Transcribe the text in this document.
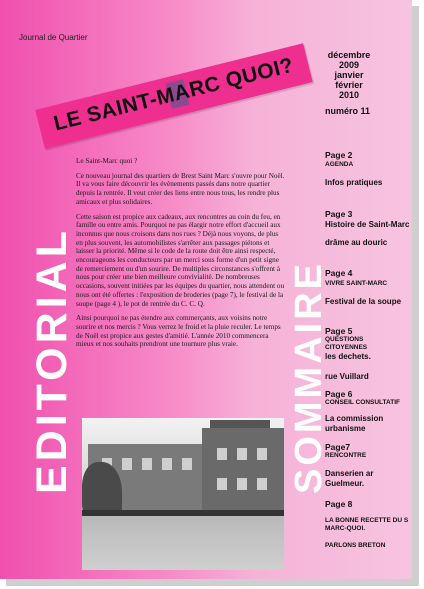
Journal de Quartier
LE SAINT-MARC QUOI?	décembre
2009
janvier
février
2010
numéro 11
EDITORIAL

Le Saint-Marc quoi ?

Ce nouveau journal des quartiers de Brest Saint Marc s'ouvre pour Noël. Il va vous faire découvrir les évènements passés dans notre quartier depuis la rentrée. Il veut créer des liens entre nous tous, les rendre plus amicaux et plus solidaires.

Cette saison est propice aux cadeaux, aux rencontres au coin du feu, en famille ou entre amis. Pourquoi ne pas élargir notre effort d'accueil aux inconnus que nous croisons dans nos rues ? Déjà nous voyons, de plus en plus souvent, les automobilistes s'arrêter aux passages piétons et laisser la priorité. Même si le code de la route doit être ainsi respecté, encourageons les conducteurs par un merci sous forme d'un petit signe de remerciement ou d'un sourire. De multiples circonstances s'offrent à nous pour créer une bien meilleure convivialité. De nombreuses occasions, souvent initiées par les équipes du quartier, nous attendent ou nous ont été offertes : l'exposition de broderies (page 7), le festival de la soupe (page 4 ), le pot de rentrée du C. C. Q.

Ainsi pourquoi ne pas étendre aux commerçants, aux voisins notre sourire et nos mercis ? Vous verrez le froid et la pluie reculer. Le temps de Noël est propice aux gestes d'amitié. L'année 2010 commencera mieux et nos souhaits prendront une tournure plus vraie.	SOMMAIRE
Page 2
AGENDA
Infos pratiques
Page 3
Histoire de Saint-Marc
drâme au douric
Page 4
VIVRE SAINT-MARC
Festival de la soupe
Page 5
QUESTIONS
CITOYENNES
les dechets.
rue Vuillard
Page 6
CONSEIL CONSULTATIF
La commission
urbanisme
Page7
RENCONTRE
Danserien ar
Guelmeur.
Page 8
LA BONNE RECETTE DU S
MARC-QUOI.
PARLONS BRETON
